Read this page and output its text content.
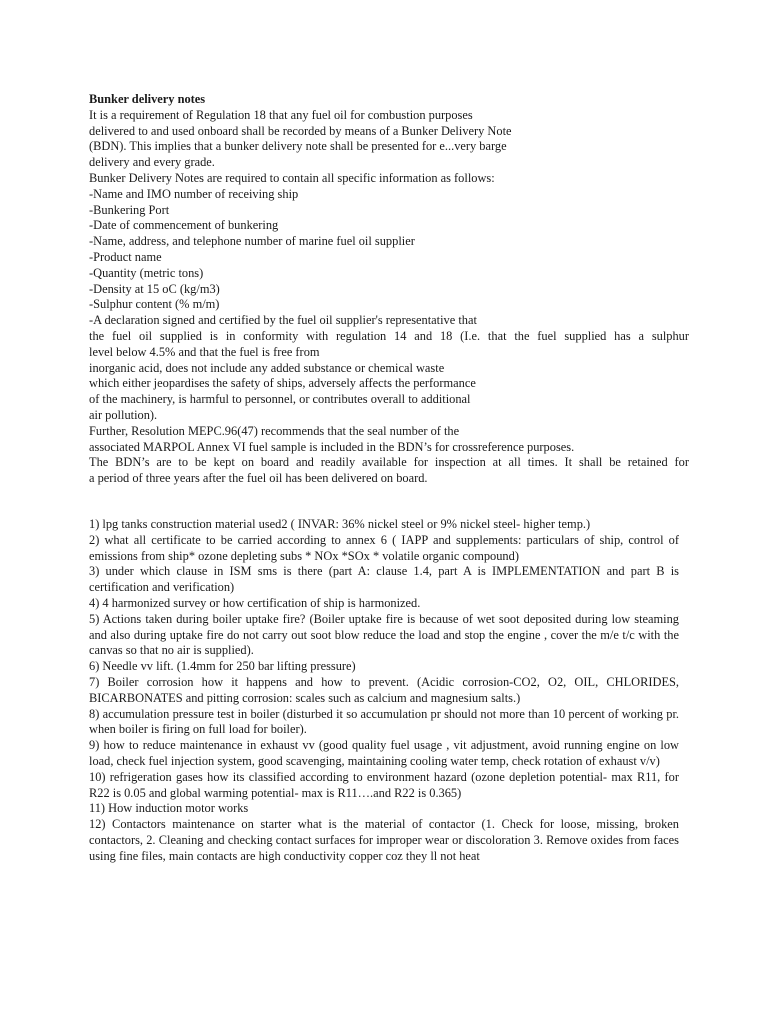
Bunker delivery notes
It is a requirement of Regulation 18 that any fuel oil for combustion purposes
delivered to and used onboard shall be recorded by means of a Bunker Delivery Note
(BDN). This implies that a bunker delivery note shall be presented for e...very barge
delivery and every grade.
Bunker Delivery Notes are required to contain all specific information as follows:
-Name and IMO number of receiving ship
-Bunkering Port
-Date of commencement of bunkering
-Name, address, and telephone number of marine fuel oil supplier
-Product name
-Quantity (metric tons)
-Density at 15 oC (kg/m3)
-Sulphur content (% m/m)
-A declaration signed and certified by the fuel oil supplier's representative that
the fuel oil supplied is in conformity with regulation 14 and 18 (I.e. that the fuel supplied has a sulphur
level below 4.5% and that the fuel is free from
inorganic acid, does not include any added substance or chemical waste
which either jeopardises the safety of ships, adversely affects the performance
of the machinery, is harmful to personnel, or contributes overall to additional
air pollution).
Further, Resolution MEPC.96(47) recommends that the seal number of the
associated MARPOL Annex VI fuel sample is included in the BDN’s for crossreference purposes.
The BDN’s are to be kept on board and readily available for inspection at all times. It shall be retained for
a period of three years after the fuel oil has been delivered on board.

1) lpg tanks construction material used2 ( INVAR: 36% nickel steel or 9% nickel steel- higher temp.)

2) what all certificate to be carried according to annex 6 ( IAPP and supplements: particulars of ship, control of emissions from ship* ozone depleting subs * NOx *SOx * volatile organic compound)

3) under which clause in ISM sms is there (part A: clause 1.4, part A is IMPLEMENTATION and part B is certification and verification)

4) 4 harmonized survey or how certification of ship is harmonized.

5) Actions taken during boiler uptake fire? (Boiler uptake fire is because of wet soot deposited during low steaming and also during uptake fire do not carry out soot blow reduce the load and stop the engine , cover the m/e t/c with the canvas so that no air is supplied).

6) Needle vv lift. (1.4mm for 250 bar lifting pressure)

7) Boiler corrosion how it happens and how to prevent. (Acidic corrosion-CO2, O2, OIL, CHLORIDES, BICARBONATES and pitting corrosion: scales such as calcium and magnesium salts.)

8) accumulation pressure test in boiler (disturbed it so accumulation pr should not more than 10 percent of working pr. when boiler is firing on full load for boiler).

9) how to reduce maintenance in exhaust vv (good quality fuel usage , vit adjustment, avoid running engine on low load, check fuel injection system, good scavenging, maintaining cooling water temp, check rotation of exhaust v/v)

10) refrigeration gases how its classified according to environment hazard (ozone depletion potential- max R11, for R22 is 0.05 and global warming potential- max is R11….and R22 is 0.365)

11) How induction motor works

12) Contactors maintenance on starter what is the material of contactor (1. Check for loose, missing, broken contactors, 2. Cleaning and checking contact surfaces for improper wear or discoloration 3. Remove oxides from faces using fine files, main contacts are high conductivity copper coz they ll not heat
